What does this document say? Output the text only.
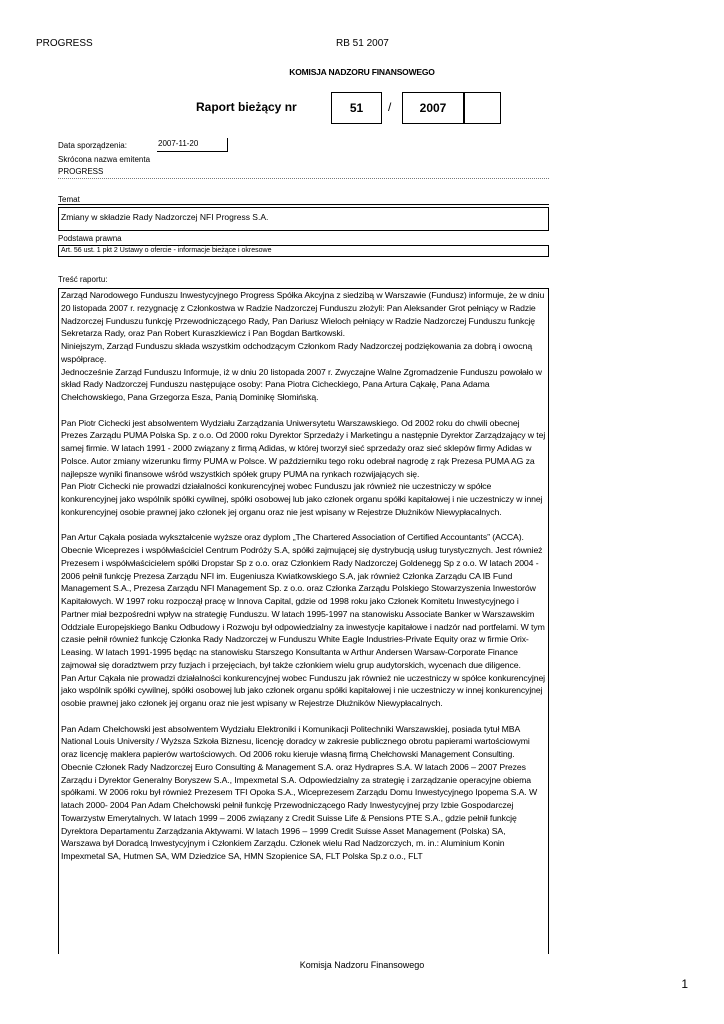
PROGRESS	RB 51 2007
KOMISJA NADZORU FINANSOWEGO
Raport bieżący nr	51 / 2007
Data sporządzenia:	2007-11-20
Skrócona nazwa emitenta
PROGRESS
Temat
Zmiany w składzie Rady Nadzorczej NFI Progress S.A.
Podstawa prawna
Art. 56 ust. 1 pkt 2 Ustawy o ofercie - informacje bieżące i okresowe
Treść raportu:

Zarząd Narodowego Funduszu Inwestycyjnego Progress Spółka Akcyjna z siedzibą w Warszawie (Fundusz) informuje, że w dniu 20 listopada 2007 r. rezygnację z Członkostwa w Radzie Nadzorczej Funduszu złożyli: Pan Aleksander Grot pełniący w Radzie Nadzorczej Funduszu funkcję Przewodniczącego Rady, Pan Dariusz Wieloch pełniący w Radzie Nadzorczej Funduszu funkcję Sekretarza Rady, oraz Pan Robert Kuraszkiewicz i Pan Bogdan Bartkowski.

Niniejszym, Zarząd Funduszu składa wszystkim odchodzącym Członkom Rady Nadzorczej podziękowania za dobrą i owocną współpracę.

Jednocześnie Zarząd Funduszu Informuje, iż w dniu 20 listopada 2007 r. Zwyczajne Walne Zgromadzenie Funduszu powołało w skład Rady Nadzorczej Funduszu następujące osoby: Pana Piotra Cicheckiego, Pana Artura Cąkałę, Pana Adama Chełchowskiego, Pana Grzegorza Esza, Panią Dominikę Słomińską.

Pan Piotr Cichecki jest absolwentem Wydziału Zarządzania Uniwersytetu Warszawskiego. Od 2002 roku do chwili obecnej Prezes Zarządu PUMA Polska Sp. z o.o. Od 2000 roku Dyrektor Sprzedaży i Marketingu a następnie Dyrektor Zarządzający w tej samej firmie. W latach 1991 - 2000 związany z firmą Adidas, w której tworzył sieć sprzedaży oraz sieć sklepów firmy Adidas w Polsce. Autor zmiany wizerunku firmy PUMA w Polsce. W październiku tego roku odebrał nagrodę z rąk Prezesa PUMA AG za najlepsze wyniki finansowe wśród wszystkich spółek grupy PUMA na rynkach rozwijających się.

Pan Piotr Cichecki nie prowadzi działalności konkurencyjnej wobec Funduszu jak również nie uczestniczy w spółce konkurencyjnej jako wspólnik spółki cywilnej, spółki osobowej lub jako członek organu spółki kapitałowej i nie uczestniczy w innej konkurencyjnej osobie prawnej jako członek jej organu oraz nie jest wpisany w Rejestrze Dłużników Niewypłacalnych.

Pan Artur Cąkała posiada wykształcenie wyższe oraz dyplom „The Chartered Association of Certified Accountants” (ACCA). Obecnie Wiceprezes i współwłaściciel Centrum Podróży S.A, spółki zajmującej się dystrybucją usług turystycznych. Jest również Prezesem i współwłaścicielem spółki Dropstar Sp z o.o. oraz Członkiem Rady Nadzorczej Goldenegg Sp z o.o. W latach 2004 - 2006 pełnił funkcję Prezesa Zarządu NFI im. Eugeniusza Kwiatkowskiego S.A, jak również Członka Zarządu CA IB Fund Management S.A., Prezesa Zarządu NFI Management Sp. z o.o. oraz Członka Zarządu Polskiego Stowarzyszenia Inwestorów Kapitałowych. W 1997 roku rozpoczął pracę w Innova Capital, gdzie od 1998 roku jako Członek Komitetu Inwestycyjnego i Partner miał bezpośredni wpływ na strategię Funduszu. W latach 1995-1997 na stanowisku Associate Banker w Warszawskim Oddziale Europejskiego Banku Odbudowy i Rozwoju był odpowiedzialny za inwestycje kapitałowe i nadzór nad portfelami. W tym czasie pełnił również funkcję Członka Rady Nadzorczej w Funduszu White Eagle Industries-Private Equity oraz w firmie Orix-Leasing. W latach 1991-1995 będąc na stanowisku Starszego Konsultanta w Arthur Andersen Warsaw-Corporate Finance zajmował się doradztwem przy fuzjach i przejęciach, był także członkiem wielu grup audytorskich, wycenach due diligence.

Pan Artur Cąkała nie prowadzi działalności konkurencyjnej wobec Funduszu jak również nie uczestniczy w spółce konkurencyjnej jako wspólnik spółki cywilnej, spółki osobowej lub jako członek organu spółki kapitałowej i nie uczestniczy w innej konkurencyjnej osobie prawnej jako członek jej organu oraz nie jest wpisany w Rejestrze Dłużników Niewypłacalnych.

Pan Adam Chełchowski jest absolwentem Wydziału Elektroniki i Komunikacji Politechniki Warszawskiej, posiada tytuł MBA National Louis University / Wyższa Szkoła Biznesu, licencję doradcy w zakresie publicznego obrotu papierami wartościowymi oraz licencję maklera papierów wartościowych. Od 2006 roku kieruje własną firmą Chełchowski Management Consulting. Obecnie Członek Rady Nadzorczej Euro Consulting & Management S.A. oraz Hydrapres S.A. W latach 2006 – 2007 Prezes Zarządu i Dyrektor Generalny Boryszew S.A., Impexmetal S.A. Odpowiedzialny za strategię i zarządzanie operacyjne obiema spółkami. W 2006 roku był również Prezesem TFI Opoka S.A., Wiceprezesem Zarządu Domu Inwestycyjnego Ipopema S.A. W latach 2000- 2004 Pan Adam Chełchowski pełnił funkcję Przewodniczącego Rady Inwestycyjnej przy Izbie Gospodarczej Towarzystw Emerytalnych. W latach 1999 – 2006 związany z Credit Suisse Life & Pensions PTE S.A., gdzie pełnił funkcję Dyrektora Departamentu Zarządzania Aktywami. W latach 1996 – 1999 Credit Suisse Asset Management (Polska) SA, Warszawa był Doradcą Inwestycyjnym i Członkiem Zarządu. Członek wielu Rad Nadzorczych, m. in.: Aluminium Konin Impexmetal SA, Hutmen SA, WM Dziedzice SA, HMN Szopienice SA, FLT Polska Sp.z o.o., FLT

Komisja Nadzoru Finansowego
1
